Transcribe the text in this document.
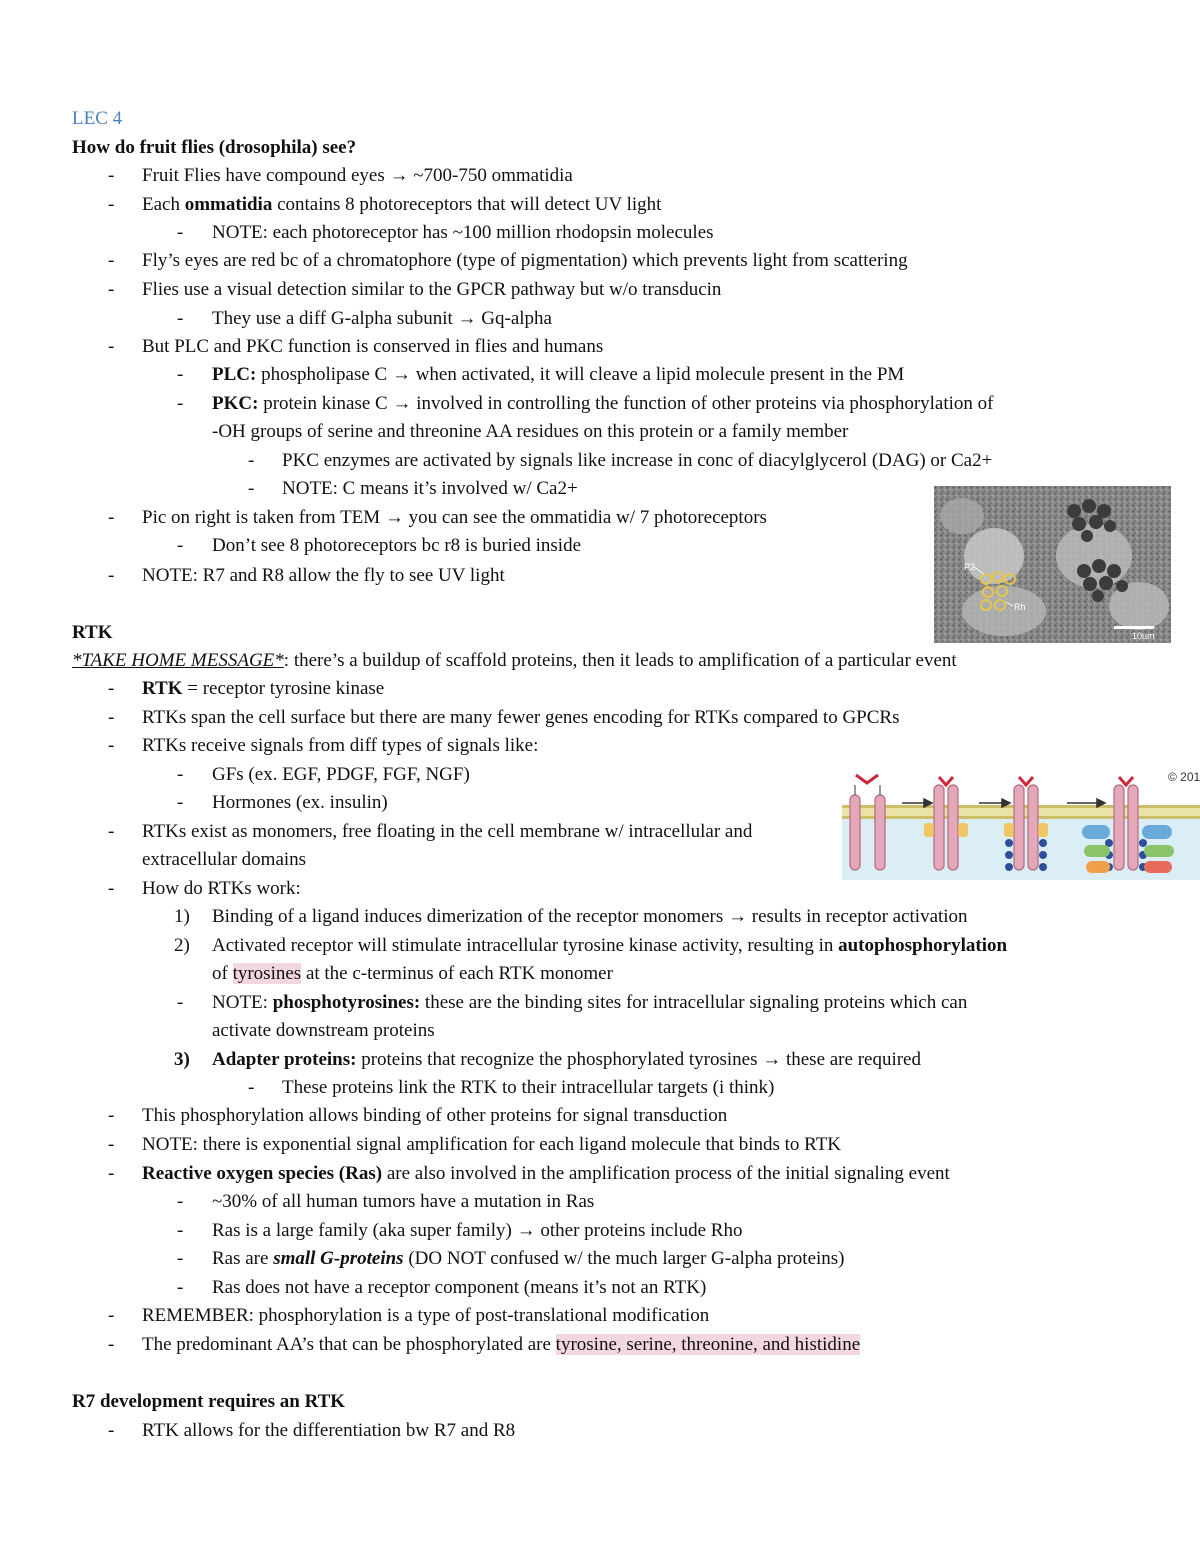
LEC 4
How do fruit flies (drosophila) see?
- Fruit Flies have compound eyes → ~700-750 ommatidia
- Each ommatidia contains 8 photoreceptors that will detect UV light
- NOTE: each photoreceptor has ~100 million rhodopsin molecules
- Fly’s eyes are red bc of a chromatophore (type of pigmentation) which prevents light from scattering
- Flies use a visual detection similar to the GPCR pathway but w/o transducin
- They use a diff G-alpha subunit → Gq-alpha
- But PLC and PKC function is conserved in flies and humans
- PLC: phospholipase C → when activated, it will cleave a lipid molecule present in the PM
- PKC: protein kinase C → involved in controlling the function of other proteins via phosphorylation of
-OH groups of serine and threonine AA residues on this protein or a family member
- PKC enzymes are activated by signals like increase in conc of diacylglycerol (DAG) or Ca2+
- NOTE: C means it’s involved w/ Ca2+
- Pic on right is taken from TEM → you can see the ommatidia w/ 7 photoreceptors
- Don’t see 8 photoreceptors bc r8 is buried inside
- NOTE: R7 and R8 allow the fly to see UV light	P2
Rh
10um
RTK
*TAKE HOME MESSAGE*: there’s a buildup of scaffold proteins, then it leads to amplification of a particular event
- RTK = receptor tyrosine kinase
- RTKs span the cell surface but there are many fewer genes encoding for RTKs compared to GPCRs
- RTKs receive signals from diff types of signals like:
- GFs (ex. EGF, PDGF, FGF, NGF)
- Hormones (ex. insulin)
- RTKs exist as monomers, free floating in the cell membrane w/ intracellular and
extracellular domains
- How do RTKs work:
1) Binding of a ligand induces dimerization of the receptor monomers → results in receptor activation
2) Activated receptor will stimulate intracellular tyrosine kinase activity, resulting in autophosphorylation
of tyrosines at the c-terminus of each RTK monomer
- NOTE: phosphotyrosines: these are the binding sites for intracellular signaling proteins which can
activate downstream proteins
3) Adapter proteins: proteins that recognize the phosphorylated tyrosines → these are required
- These proteins link the RTK to their intracellular targets (i think)
- This phosphorylation allows binding of other proteins for signal transduction
- NOTE: there is exponential signal amplification for each ligand molecule that binds to RTK
- Reactive oxygen species (Ras) are also involved in the amplification process of the initial signaling event
- ~30% of all human tumors have a mutation in Ras
- Ras is a large family (aka super family) → other proteins include Rho
- Ras are small G-proteins (DO NOT confused w/ the much larger G-alpha proteins)
- Ras does not have a receptor component (means it’s not an RTK)
- REMEMBER: phosphorylation is a type of post-translational modification
- The predominant AA’s that can be phosphorylated are tyrosine, serine, threonine, and histidine
© 201
R7 development requires an RTK
- RTK allows for the differentiation bw R7 and R8
